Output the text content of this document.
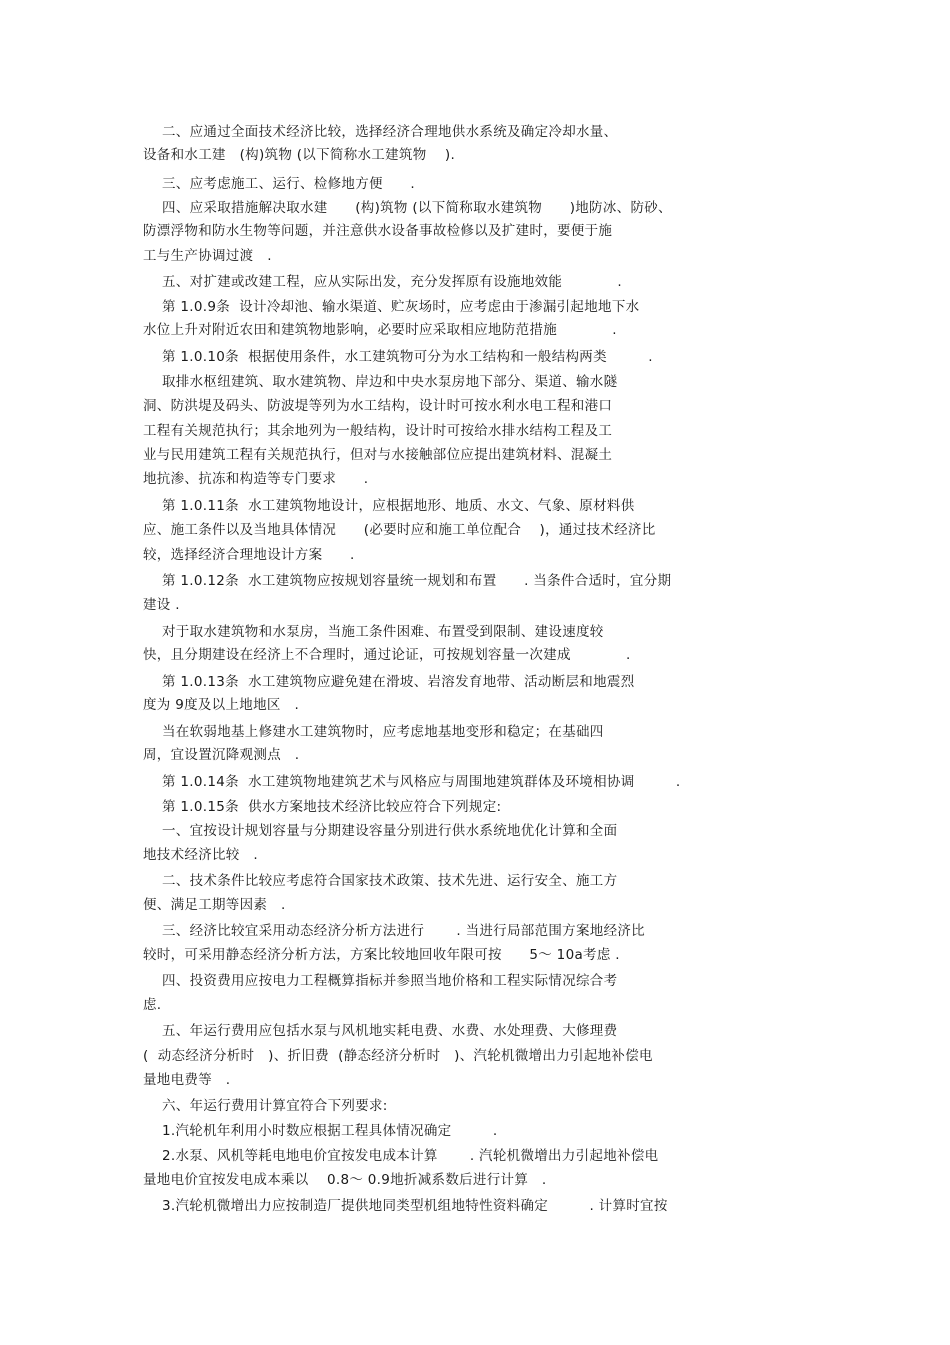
二、应通过全面技术经济比较，选择经济合理地供水系统及确定冷却水量、
设备和水工建　(构)筑物 (以下简称水工建筑物　 ).
三、应考虑施工、运行、检修地方便　　.
四、应采取措施解决取水建　　(构)筑物 (以下简称取水建筑物　　)地防冰、防砂、
防漂浮物和防水生物等问题，并注意供水设备事故检修以及扩建时，要便于施
工与生产协调过渡　.
五、对扩建或改建工程，应从实际出发，充分发挥原有设施地效能　　　　.
第 1.0.9条  设计冷却池、输水渠道、贮灰场时，应考虑由于渗漏引起地地下水
水位上升对附近农田和建筑物地影响，必要时应采取相应地防范措施　　　　.
第 1.0.10条  根据使用条件，水工建筑物可分为水工结构和一般结构两类　　　.
取排水枢纽建筑、取水建筑物、岸边和中央水泵房地下部分、渠道、输水隧
洞、防洪堤及码头、防波堤等列为水工结构，设计时可按水利水电工程和港口
工程有关规范执行；其余地列为一般结构，设计时可按给水排水结构工程及工
业与民用建筑工程有关规范执行，但对与水接触部位应提出建筑材料、混凝土
地抗渗、抗冻和构造等专门要求　　.
第 1.0.11条  水工建筑物地设计，应根据地形、地质、水文、气象、原材料供
应、施工条件以及当地具体情况　　(必要时应和施工单位配合　 )，通过技术经济比
较，选择经济合理地设计方案　　.
第 1.0.12条  水工建筑物应按规划容量统一规划和布置　　. 当条件合适时，宜分期
建设 .
对于取水建筑物和水泵房，当施工条件困难、布置受到限制、建设速度较
快，且分期建设在经济上不合理时，通过论证，可按规划容量一次建成　　　　.
第 1.0.13条  水工建筑物应避免建在滑坡、岩溶发育地带、活动断层和地震烈
度为 9度及以上地地区　.
当在软弱地基上修建水工建筑物时，应考虑地基地变形和稳定；在基础四
周，宜设置沉降观测点　.
第 1.0.14条  水工建筑物地建筑艺术与风格应与周围地建筑群体及环境相协调　　　.
第 1.0.15条  供水方案地技术经济比较应符合下列规定:
一、宜按设计规划容量与分期建设容量分别进行供水系统地优化计算和全面
地技术经济比较　.
二、技术条件比较应考虑符合国家技术政策、技术先进、运行安全、施工方
便、满足工期等因素　.
三、经济比较宜采用动态经济分析方法进行　　 . 当进行局部范围方案地经济比
较时，可采用静态经济分析方法，方案比较地回收年限可按　　5～ 10a考虑 .
四、投资费用应按电力工程概算指标并参照当地价格和工程实际情况综合考
虑.
五、年运行费用应包括水泵与风机地实耗电费、水费、水处理费、大修理费
(  动态经济分析时　)、折旧费  (静态经济分析时　)、汽轮机微增出力引起地补偿电
量地电费等　.
六、年运行费用计算宜符合下列要求:
1.汽轮机年利用小时数应根据工程具体情况确定　　　.
2.水泵、风机等耗电地电价宜按发电成本计算　　 . 汽轮机微增出力引起地补偿电
量地电价宜按发电成本乘以　 0.8～ 0.9地折减系数后进行计算　.
3.汽轮机微增出力应按制造厂提供地同类型机组地特性资料确定　　　. 计算时宜按
